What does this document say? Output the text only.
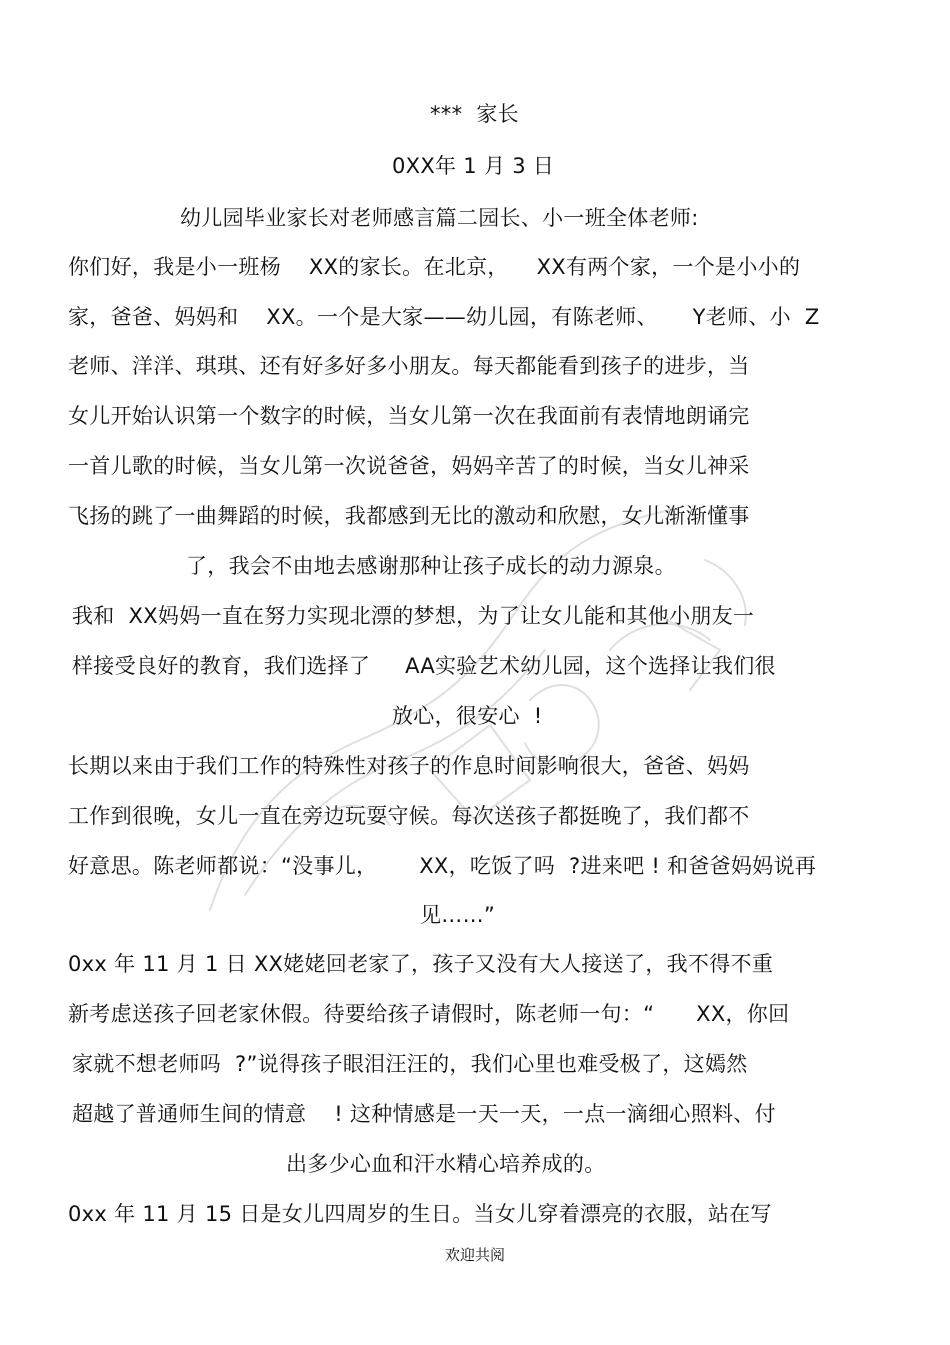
***  家长
0XX年 1 月 3 日
幼儿园毕业家长对老师感言篇二园长、小一班全体老师:
你们好，我是小一班杨    XX的家长。在北京，    XX有两个家，一个是小小的
家，爸爸、妈妈和    XX。一个是大家——幼儿园，有陈老师、     Y老师、小  Z
老师、洋洋、琪琪、还有好多好多小朋友。每天都能看到孩子的进步，当
女儿开始认识第一个数字的时候，当女儿第一次在我面前有表情地朗诵完
一首儿歌的时候，当女儿第一次说爸爸，妈妈辛苦了的时候，当女儿神采
飞扬的跳了一曲舞蹈的时候，我都感到无比的激动和欣慰，女儿渐渐懂事
了，我会不由地去感谢那种让孩子成长的动力源泉。
我和  XX妈妈一直在努力实现北漂的梦想，为了让女儿能和其他小朋友一
样接受良好的教育，我们选择了     AA实验艺术幼儿园，这个选择让我们很
放心，很安心  !
长期以来由于我们工作的特殊性对孩子的作息时间影响很大，爸爸、妈妈
工作到很晚，女儿一直在旁边玩耍守候。每次送孩子都挺晚了，我们都不
好意思。陈老师都说：“没事儿，      XX，吃饭了吗  ?进来吧 ! 和爸爸妈妈说再
见……”
0xx 年 11 月 1 日 XX姥姥回老家了，孩子又没有大人接送了，我不得不重
新考虑送孩子回老家休假。待要给孩子请假时，陈老师一句：“      XX，你回
家就不想老师吗  ?”说得孩子眼泪汪汪的，我们心里也难受极了，这嫣然
超越了普通师生间的情意    ! 这种情感是一天一天，一点一滴细心照料、付
出多少心血和汗水精心培养成的。
0xx 年 11 月 15 日是女儿四周岁的生日。当女儿穿着漂亮的衣服，站在写
欢迎共阅
